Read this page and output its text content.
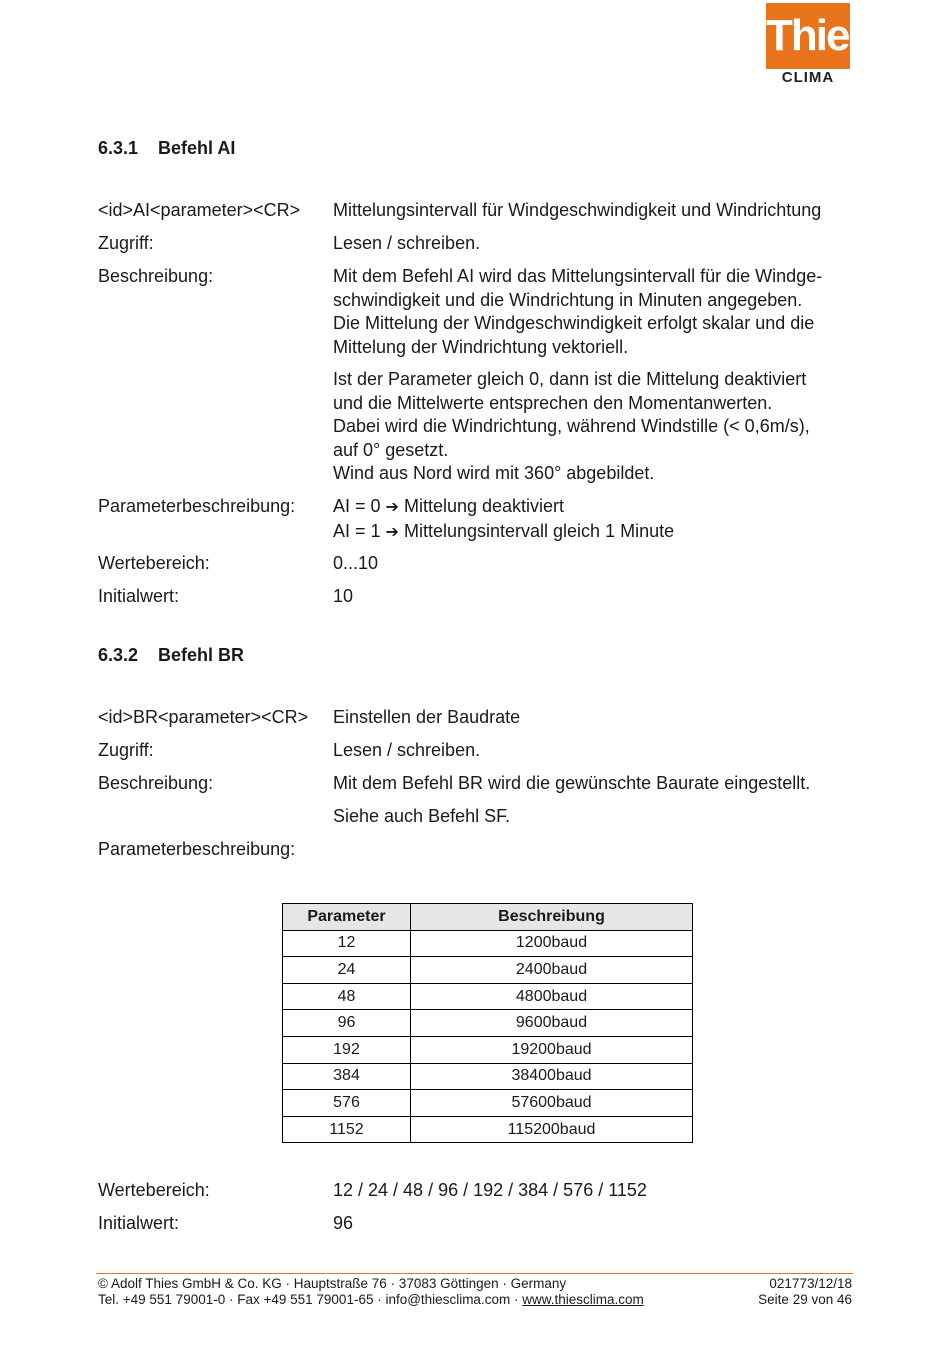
Thies
CLIMA
6.3.1 Befehl AI
<id>AI<parameter><CR> Mittelungsintervall für Windgeschwindigkeit und Windrichtung
Zugriff:	Lesen / schreiben.
Beschreibung:	Mit dem Befehl AI wird das Mittelungsintervall für die Windge-
schwindigkeit und die Windrichtung in Minuten angegeben.
Die Mittelung der Windgeschwindigkeit erfolgt skalar und die
Mittelung der Windrichtung vektoriell.
Ist der Parameter gleich 0, dann ist die Mittelung deaktiviert
und die Mittelwerte entsprechen den Momentanwerten.
Dabei wird die Windrichtung, während Windstille (< 0,6m/s),
auf 0° gesetzt.
Wind aus Nord wird mit 360° abgebildet.
Parameterbeschreibung: AI = 0 ➔ Mittelung deaktiviert
AI = 1 ➔ Mittelungsintervall gleich 1 Minute
Wertebereich:	0...10
Initialwert:	10
6.3.2 Befehl BR
<id>BR<parameter><CR> Einstellen der Baudrate
Zugriff:	Lesen / schreiben.
Beschreibung:	Mit dem Befehl BR wird die gewünschte Baurate eingestellt.
Siehe auch Befehl SF.
Parameterbeschreibung:
Parameter	Beschreibung
12	1200baud
24	2400baud
48	4800baud
96	9600baud
192	19200baud
384	38400baud
576	57600baud
1152	115200baud
Wertebereich:	12 / 24 / 48 / 96 / 192 / 384 / 576 / 1152
Initialwert:	96
© Adolf Thies GmbH & Co. KG · Hauptstraße 76 · 37083 Göttingen · Germany
Tel. +49 551 79001-0 · Fax +49 551 79001-65 · info@thiesclima.com · www.thiesclima.com
021773/12/18
Seite 29 von 46
